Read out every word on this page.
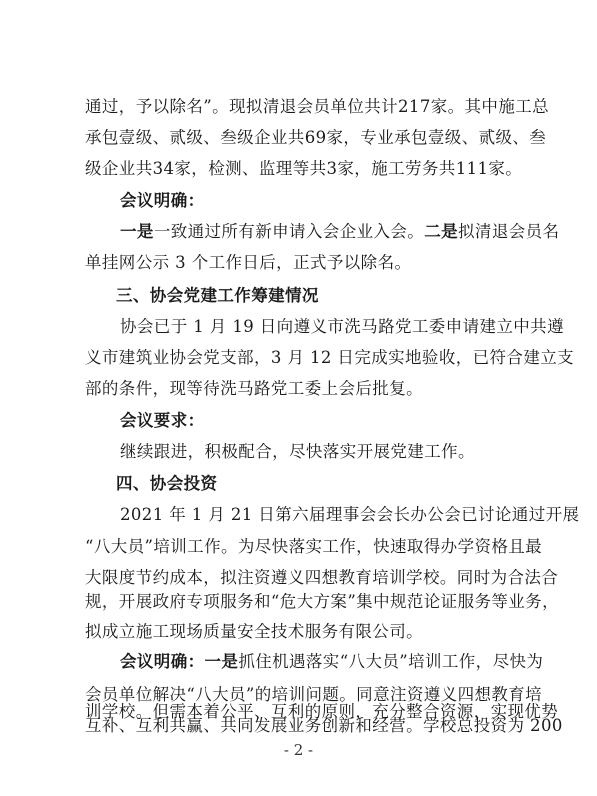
通过，予以除名”。现拟清退会员单位共计217家。其中施工总
承包壹级、贰级、叁级企业共69家，专业承包壹级、贰级、叁
级企业共34家，检测、监理等共3家，施工劳务共111家。
会议明确：
一是一致通过所有新申请入会企业入会。二是拟清退会员名
单挂网公示 3 个工作日后，正式予以除名。
三、协会党建工作筹建情况
协会已于 1 月 19 日向遵义市洗马路党工委申请建立中共遵
义市建筑业协会党支部，3 月 12 日完成实地验收，已符合建立支
部的条件，现等待洗马路党工委上会后批复。
会议要求：
继续跟进，积极配合，尽快落实开展党建工作。
四、协会投资
2021 年 1 月 21 日第六届理事会会长办公会已讨论通过开展
“八大员”培训工作。为尽快落实工作，快速取得办学资格且最
大限度节约成本，拟注资遵义四想教育培训学校。同时为合法合
规，开展政府专项服务和“危大方案”集中规范论证服务等业务，
拟成立施工现场质量安全技术服务有限公司。
会议明确：一是抓住机遇落实“八大员”培训工作，尽快为
会员单位解决“八大员”的培训问题。同意注资遵义四想教育培
训学校。但需本着公平、互利的原则，充分整合资源，实现优势
互补、互利共赢、共同发展业务创新和经营。学校总投资为 200
- 2 -
